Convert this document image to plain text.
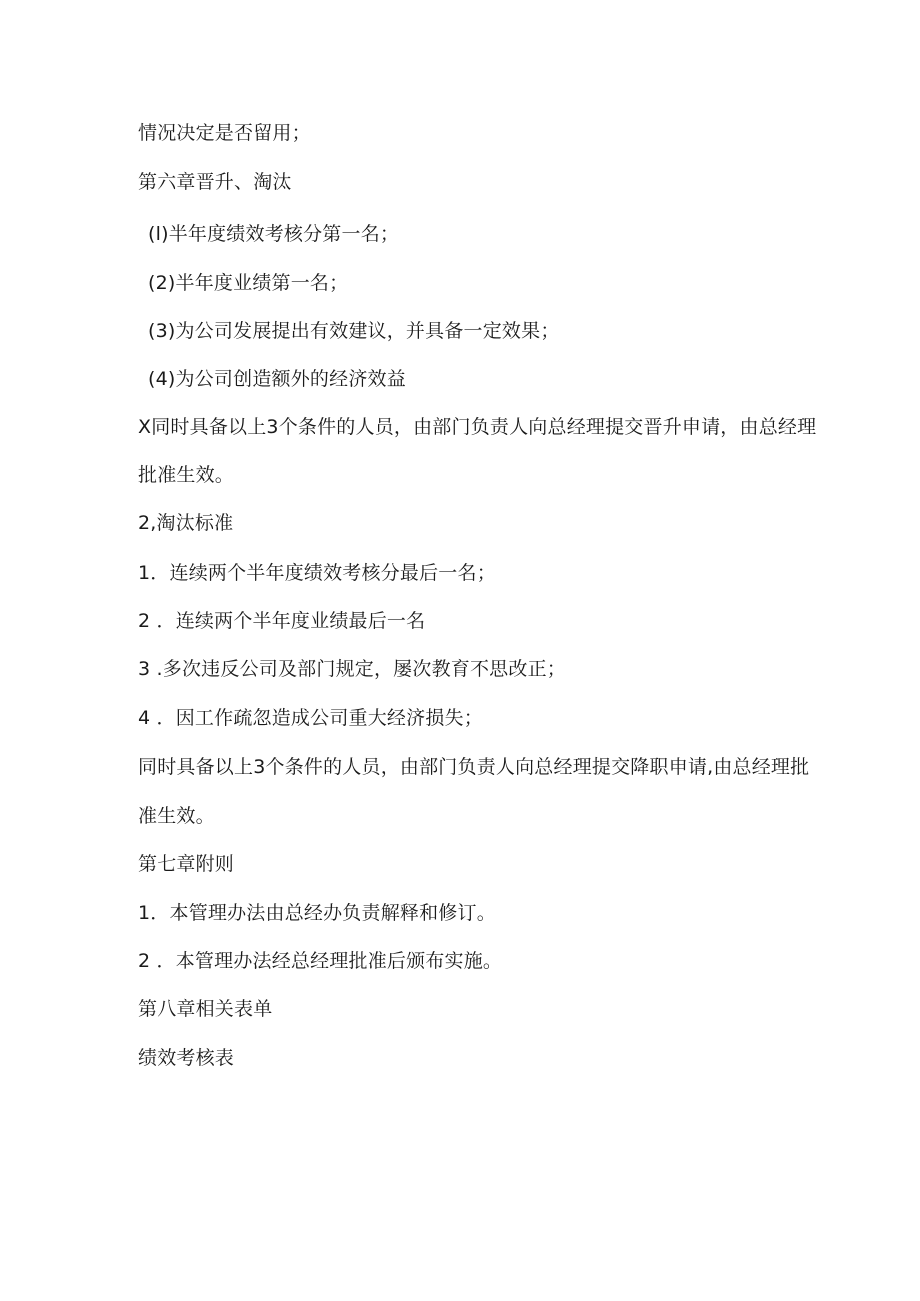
情况决定是否留用；
第六章晋升、淘汰
(l)半年度绩效考核分第一名；
(2)半年度业绩第一名；
(3)为公司发展提出有效建议，并具备一定效果；
(4)为公司创造额外的经济效益
X同时具备以上3个条件的人员，由部门负责人向总经理提交晋升申请，由总经理
批准生效。
2,淘汰标准
1．连续两个半年度绩效考核分最后一名；
2 ．连续两个半年度业绩最后一名
3 .多次违反公司及部门规定，屡次教育不思改正；
4 ．因工作疏忽造成公司重大经济损失；
同时具备以上3个条件的人员，由部门负责人向总经理提交降职申请,由总经理批
准生效。
第七章附则
1．本管理办法由总经办负责解释和修订。
2 ．本管理办法经总经理批准后颁布实施。
第八章相关表单
绩效考核表
